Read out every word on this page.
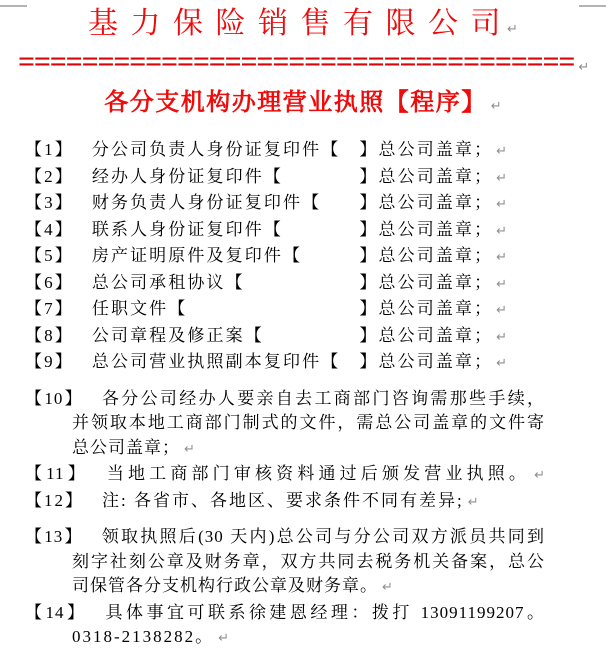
基 力 保 险 销 售 有 限 公 司 ↵
=================================== ↵
各分支机构办理营业执照【程序】 ↵
【1】 分公司负责人身份证复印件【　】总公司盖章； ↵
【2】 经办人身份证复印件【　　　　】总公司盖章； ↵
【3】 财务负责人身份证复印件【　　】总公司盖章； ↵
【4】 联系人身份证复印件【　　　　】总公司盖章； ↵
【5】 房产证明原件及复印件【　　　】总公司盖章； ↵
【6】 总公司承租协议【　　　　　　】总公司盖章； ↵
【7】 任职文件【　　　　　　　　　】总公司盖章； ↵
【8】 公司章程及修正案【　　　　　】总公司盖章； ↵
【9】 总公司营业执照副本复印件【　】总公司盖章； ↵
【10】 各分公司经办人要亲自去工商部门咨询需那些手续，
并领取本地工商部门制式的文件，需总公司盖章的文件寄
总公司盖章； ↵
【11】 当地工商部门审核资料通过后颁发营业执照。 ↵
【12】 注: 各省市、各地区、要求条件不同有差异; ↵
【13】 领取执照后(30 天内)总公司与分公司双方派员共同到
刻字社刻公章及财务章，双方共同去税务机关备案，总公
司保管各分支机构行政公章及财务章。 ↵
【14】 具体事宜可联系徐建恩经理：拨打 13091199207。
0318-2138282。 ↵
